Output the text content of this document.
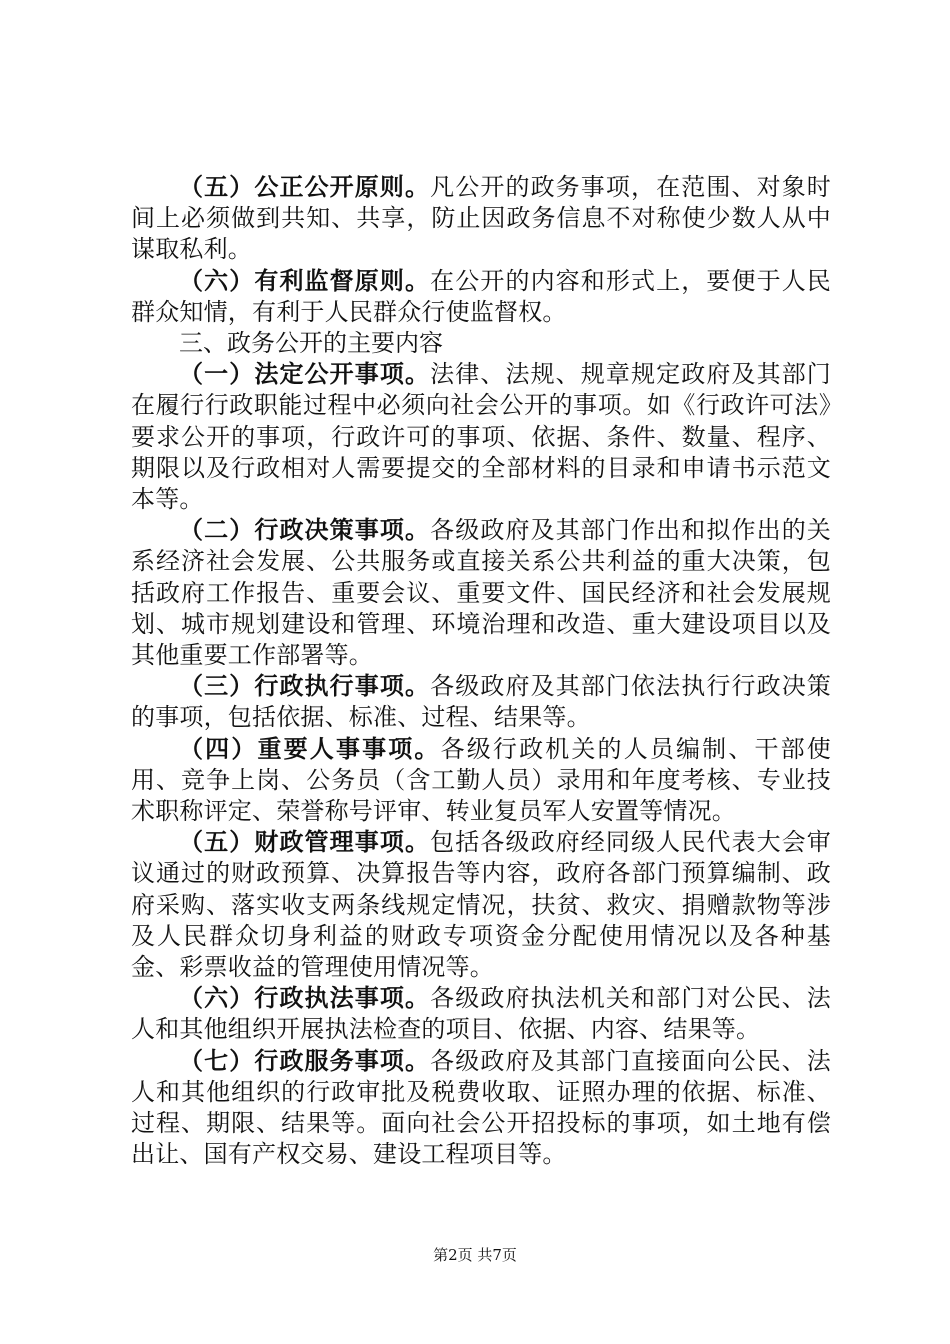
（五）公正公开原则。凡公开的政务事项，在范围、对象时间上必须做到共知、共享，防止因政务信息不对称使少数人从中谋取私利。

（六）有利监督原则。在公开的内容和形式上，要便于人民群众知情，有利于人民群众行使监督权。

三、政务公开的主要内容

（一）法定公开事项。法律、法规、规章规定政府及其部门在履行行政职能过程中必须向社会公开的事项。如《行政许可法》要求公开的事项，行政许可的事项、依据、条件、数量、程序、期限以及行政相对人需要提交的全部材料的目录和申请书示范文本等。

（二）行政决策事项。各级政府及其部门作出和拟作出的关系经济社会发展、公共服务或直接关系公共利益的重大决策，包括政府工作报告、重要会议、重要文件、国民经济和社会发展规划、城市规划建设和管理、环境治理和改造、重大建设项目以及其他重要工作部署等。

（三）行政执行事项。各级政府及其部门依法执行行政决策的事项，包括依据、标准、过程、结果等。

（四）重要人事事项。各级行政机关的人员编制、干部使用、竞争上岗、公务员（含工勤人员）录用和年度考核、专业技术职称评定、荣誉称号评审、转业复员军人安置等情况。

（五）财政管理事项。包括各级政府经同级人民代表大会审议通过的财政预算、决算报告等内容，政府各部门预算编制、政府采购、落实收支两条线规定情况，扶贫、救灾、捐赠款物等涉及人民群众切身利益的财政专项资金分配使用情况以及各种基金、彩票收益的管理使用情况等。

（六）行政执法事项。各级政府执法机关和部门对公民、法人和其他组织开展执法检查的项目、依据、内容、结果等。

（七）行政服务事项。各级政府及其部门直接面向公民、法人和其他组织的行政审批及税费收取、证照办理的依据、标准、过程、期限、结果等。面向社会公开招投标的事项，如土地有偿出让、国有产权交易、建设工程项目等。

第2页 共7页
